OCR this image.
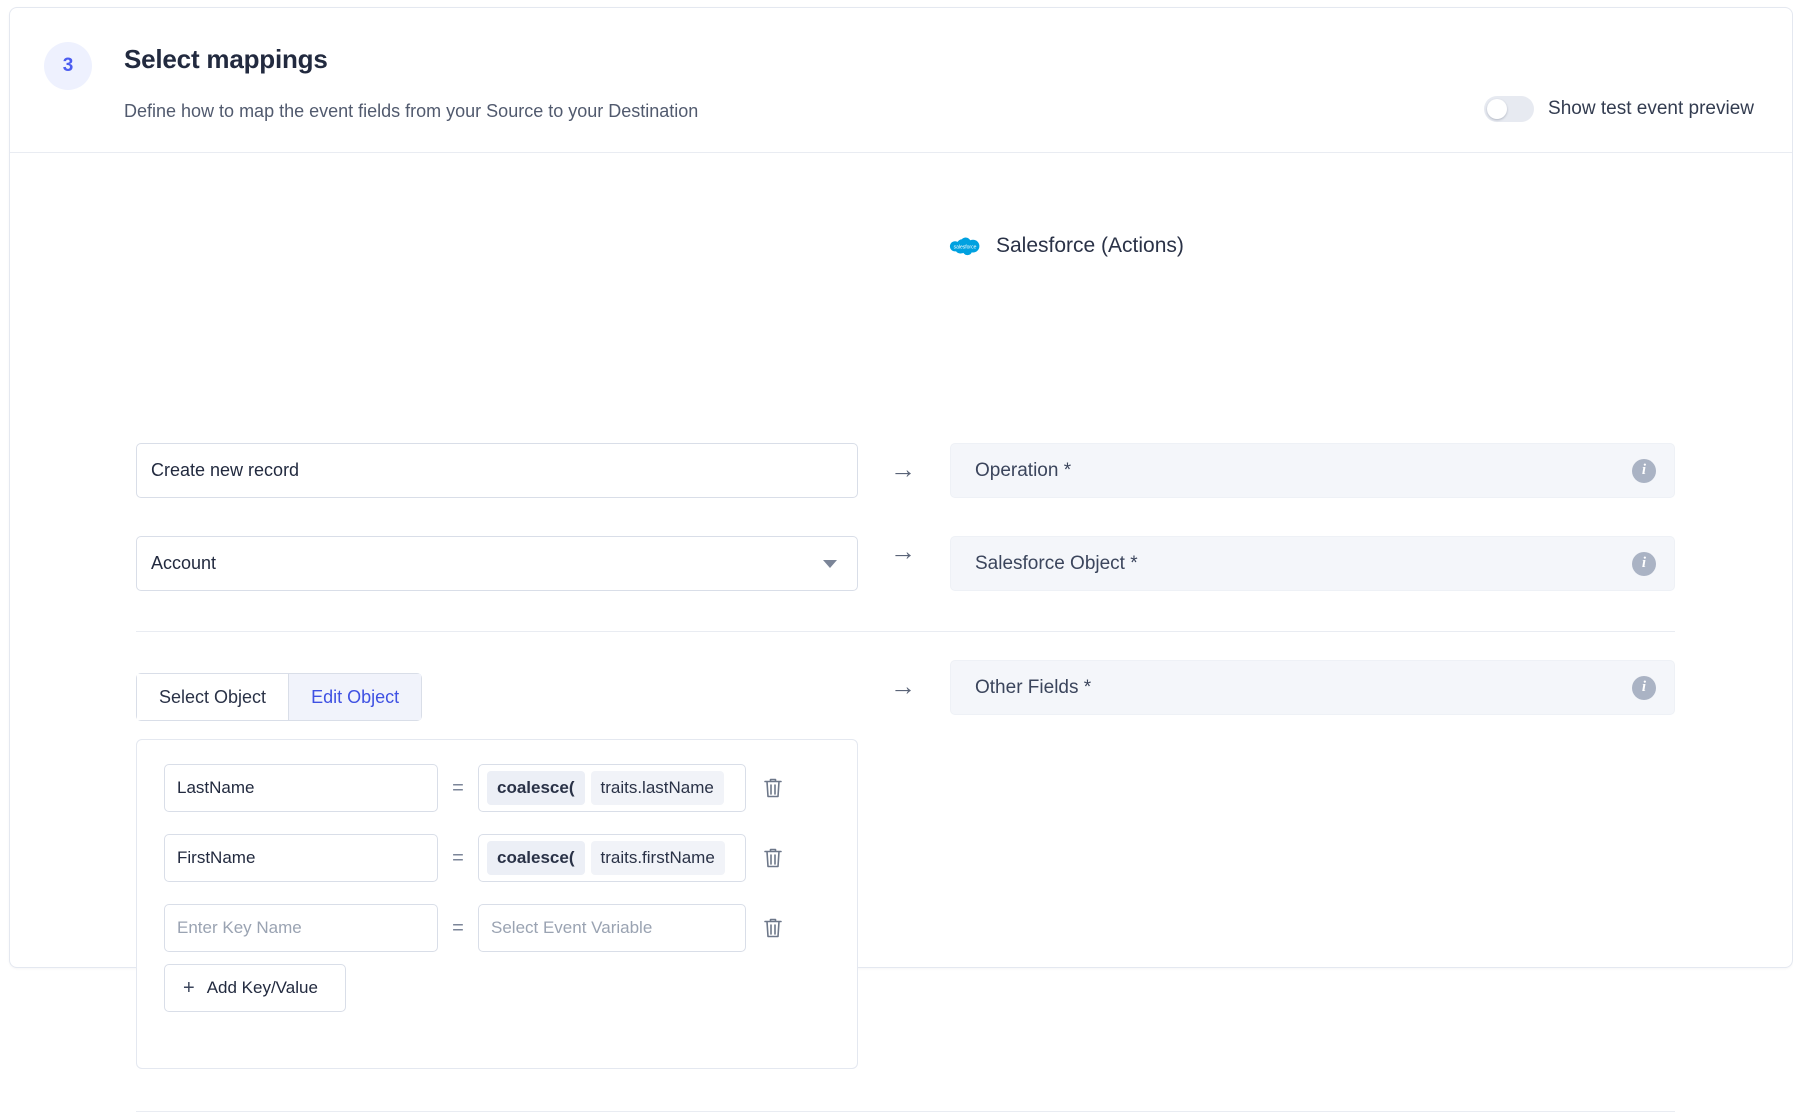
3	Select mappings
Define how to map the event fields from your Source to your Destination	Show test event preview
salesforce Salesforce (Actions)
Create new record	→	Operation *	i
Account	→	Salesforce Object *	i
Select Object	Edit Object	→	Other Fields *	i
LastName	=	coalesce(	traits.lastName
FirstName	=	coalesce(	traits.firstName
Enter Key Name	=	Select Event Variable
+ Add Key/Value
